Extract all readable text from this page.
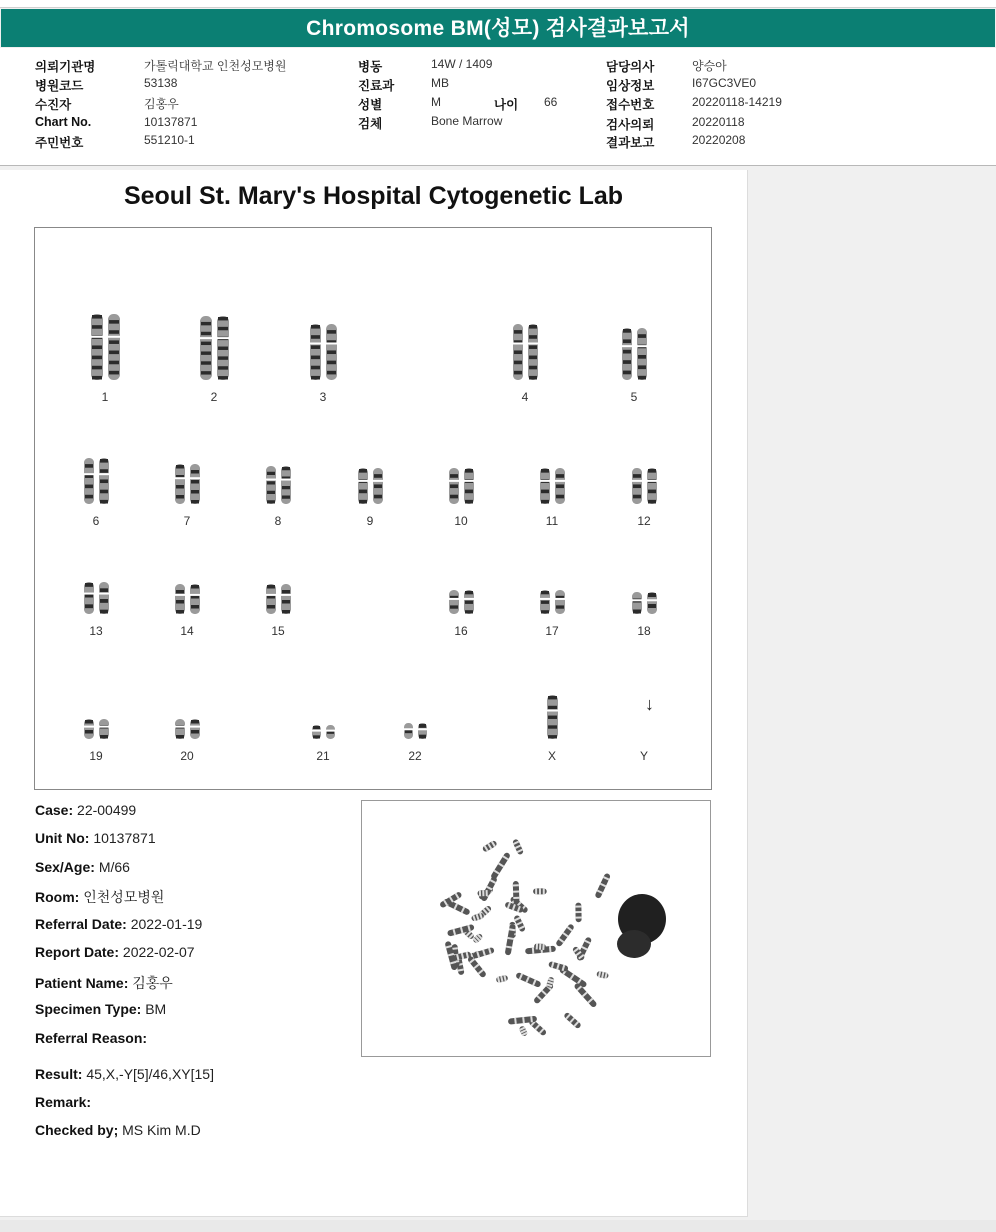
Chromosome BM(성모) 검사결과보고서
의뢰기관명	가톨릭대학교 인천성모병원
병원코드	53138
수진자	김홍우
Chart No.	10137871
주민번호	551210-1
병동	14W / 1409
진료과	MB
성별	M	나이 66
검체	Bone Marrow
담당의사	양승아
임상정보	I67GC3VE0
접수번호	20220118-14219
검사의뢰	20220118
결과보고	20220208
Seoul St. Mary's Hospital Cytogenetic Lab
1	2	3	4	5
6	7	8	9	10	11	12
13	14	15	16	17	18
19	20	21	22	X	Y
↓
Case: 22-00499
Unit No: 10137871
Sex/Age: M/66
Room: 인천성모병원
Referral Date: 2022-01-19
Report Date: 2022-02-07
Patient Name: 김홍우
Specimen Type: BM
Referral Reason:
Result: 45,X,-Y[5]/46,XY[15]
Remark:
Checked by; MS Kim M.D
